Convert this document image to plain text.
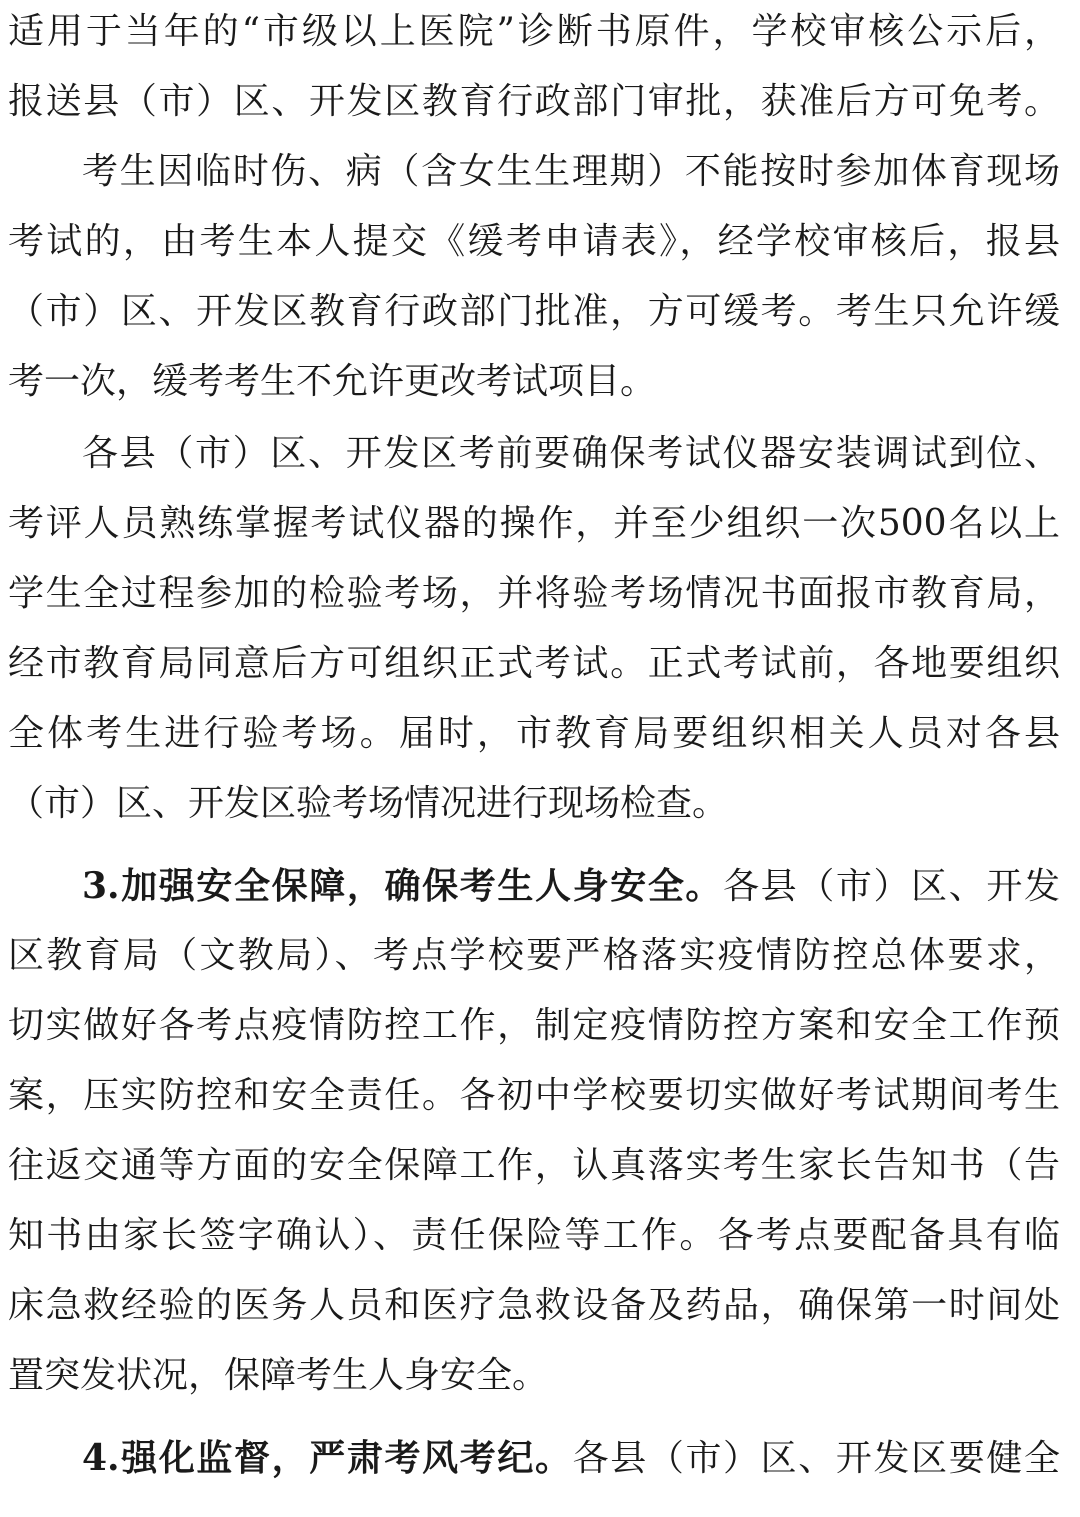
适用于当年的“市级以上医院”诊断书原件，学校审核公示后，
报送县（市）区、开发区教育行政部门审批，获准后方可免考。
考生因临时伤、病（含女生生理期）不能按时参加体育现场
考试的，由考生本人提交《缓考申请表》，经学校审核后，报县
（市）区、开发区教育行政部门批准，方可缓考。考生只允许缓
考一次，缓考考生不允许更改考试项目。
各县（市）区、开发区考前要确保考试仪器安装调试到位、
考评人员熟练掌握考试仪器的操作，并至少组织一次500名以上
学生全过程参加的检验考场，并将验考场情况书面报市教育局，
经市教育局同意后方可组织正式考试。正式考试前，各地要组织
全体考生进行验考场。届时，市教育局要组织相关人员对各县
（市）区、开发区验考场情况进行现场检查。
3.加强安全保障，确保考生人身安全。各县（市）区、开发
区教育局（文教局）、考点学校要严格落实疫情防控总体要求，
切实做好各考点疫情防控工作，制定疫情防控方案和安全工作预
案，压实防控和安全责任。各初中学校要切实做好考试期间考生
往返交通等方面的安全保障工作，认真落实考生家长告知书（告
知书由家长签字确认）、责任保险等工作。各考点要配备具有临
床急救经验的医务人员和医疗急救设备及药品，确保第一时间处
置突发状况，保障考生人身安全。
4.强化监督，严肃考风考纪。各县（市）区、开发区要健全
